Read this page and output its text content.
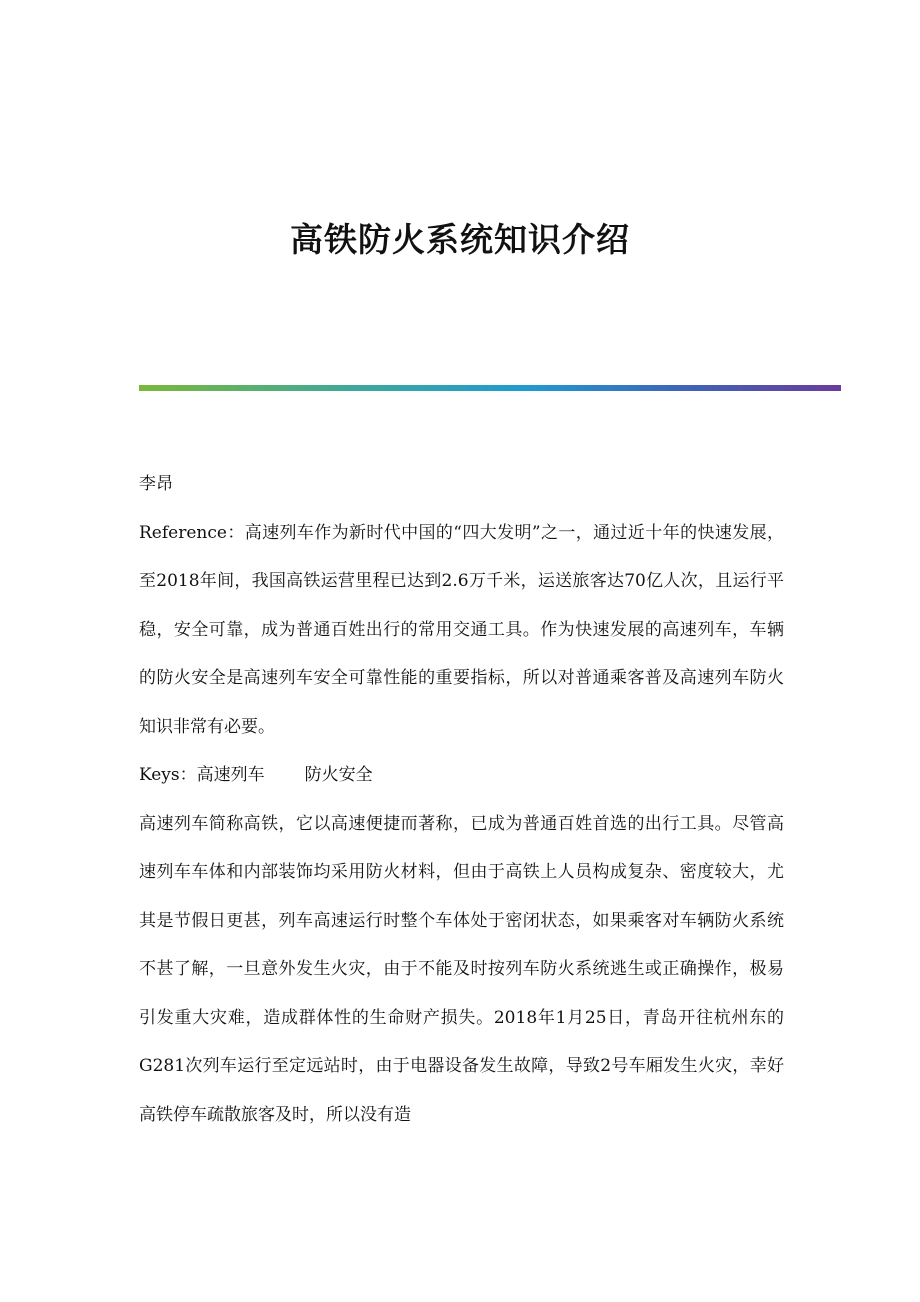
高铁防火系统知识介绍

李昂

Reference：高速列车作为新时代中国的“四大发明”之一，通过近十年的快速发展，至2018年间，我国高铁运营里程已达到2.6万千米，运送旅客达70亿人次，且运行平稳，安全可靠，成为普通百姓出行的常用交通工具。作为快速发展的高速列车，车辆的防火安全是高速列车安全可靠性能的重要指标，所以对普通乘客普及高速列车防火知识非常有必要。

Keys：高速列车 防火安全

高速列车简称高铁，它以高速便捷而著称，已成为普通百姓首选的出行工具。尽管高速列车车体和内部装饰均采用防火材料，但由于高铁上人员构成复杂、密度较大，尤其是节假日更甚，列车高速运行时整个车体处于密闭状态，如果乘客对车辆防火系统不甚了解，一旦意外发生火灾，由于不能及时按列车防火系统逃生或正确操作，极易引发重大灾难，造成群体性的生命财产损失。2018年1月25日，青岛开往杭州东的G281次列车运行至定远站时，由于电器设备发生故障，导致2号车厢发生火灾，幸好高铁停车疏散旅客及时，所以没有造
